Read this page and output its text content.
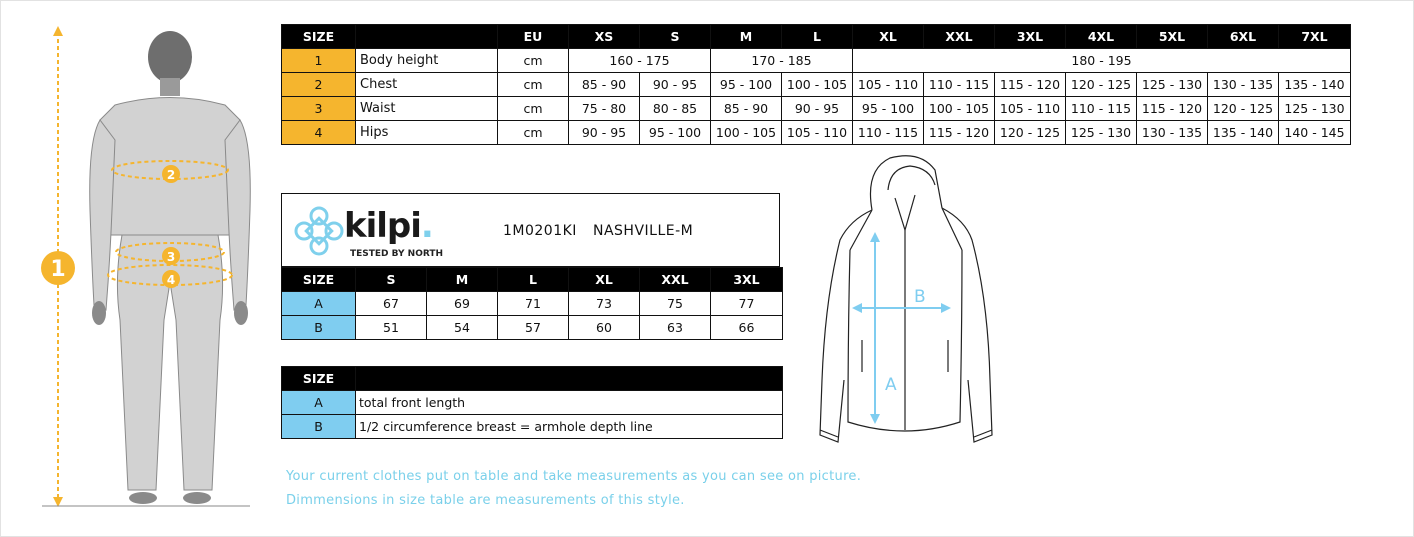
1
2
3
4
SIZE		EU	XS	S	M	L	XL	XXL	3XL	4XL	5XL	6XL	7XL
1	Body height	cm	160 - 175		170 - 185		180 - 195						
2	Chest	cm	85 - 90	90 - 95	95 - 100	100 - 105	105 - 110	110 - 115	115 - 120	120 - 125	125 - 130	130 - 135	135 - 140
3	Waist	cm	75 - 80	80 - 85	85 - 90	90 - 95	95 - 100	100 - 105	105 - 110	110 - 115	115 - 120	120 - 125	125 - 130
4	Hips	cm	90 - 95	95 - 100	100 - 105	105 - 110	110 - 115	115 - 120	120 - 125	125 - 130	130 - 135	135 - 140	140 - 145
kilpi.
TESTED BY NORTH
1M0201KI NASHVILLE-M
SIZE	S	M	L	XL	XXL	3XL
A	67	69	71	73	75	77
B	51	54	57	60	63	66
SIZE	
A	total front length
B	1/2 circumference breast = armhole depth line
A
B
Your current clothes put on table and take measurements as you can see on picture.
Dimmensions in size table are measurements of this style.
